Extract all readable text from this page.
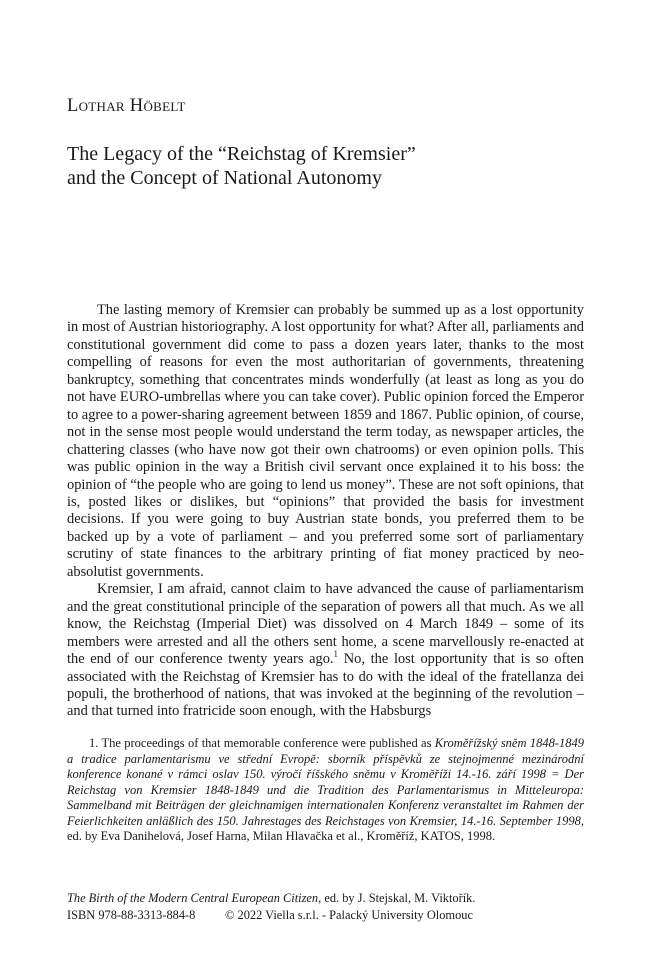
Lothar Höbelt
The Legacy of the “Reichstag of Kremsier”
and the Concept of National Autonomy

The lasting memory of Kremsier can probably be summed up as a lost opportunity in most of Austrian historiography. A lost opportunity for what? After all, parliaments and constitutional government did come to pass a dozen years later, thanks to the most compelling of reasons for even the most authoritarian of governments, threatening bankruptcy, something that concentrates minds wonderfully (at least as long as you do not have EURO-umbrellas where you can take cover). Public opinion forced the Emperor to agree to a power-sharing agreement between 1859 and 1867. Public opinion, of course, not in the sense most people would understand the term today, as newspaper articles, the chattering classes (who have now got their own chatrooms) or even opinion polls. This was public opinion in the way a British civil servant once explained it to his boss: the opinion of “the people who are going to lend us money”. These are not soft opinions, that is, posted likes or dislikes, but “opinions” that provided the basis for investment decisions. If you were going to buy Austrian state bonds, you preferred them to be backed up by a vote of parliament – and you preferred some sort of parliamentary scrutiny of state finances to the arbitrary printing of fiat money practiced by neo-absolutist governments.

Kremsier, I am afraid, cannot claim to have advanced the cause of parliamentarism and the great constitutional principle of the separation of powers all that much. As we all know, the Reichstag (Imperial Diet) was dissolved on 4 March 1849 – some of its members were arrested and all the others sent home, a scene marvellously re-enacted at the end of our conference twenty years ago.$^1$ No, the lost opportunity that is so often associated with the Reichstag of Kremsier has to do with the ideal of the fratellanza dei populi, the brotherhood of nations, that was invoked at the beginning of the revolution – and that turned into fratricide soon enough, with the Habsburgs

1. The proceedings of that memorable conference were published as Kroměřížský sněm 1848-1849 a tradice parlamentarismu ve střední Evropě: sborník příspěvků ze stejnojmenné mezinárodní konference konané v rámci oslav 150. výročí říšského sněmu v Kroměříži 14.-16. září 1998 = Der Reichstag von Kremsier 1848-1849 und die Tradition des Parlamentarismus in Mitteleuropa: Sammelband mit Beiträgen der gleichnamigen internationalen Konferenz veranstaltet im Rahmen der Feierlichkeiten anläßlich des 150. Jahrestages des Reichstages von Kremsier, 14.-16. September 1998, ed. by Eva Danihelová, Josef Harna, Milan Hlavačka et al., Kroměříž, KATOS, 1998.

The Birth of the Modern Central European Citizen, ed. by J. Stejskal, M. Viktořík.
ISBN 978-88-3313-884-8 © 2022 Viella s.r.l. - Palacký University Olomouc
